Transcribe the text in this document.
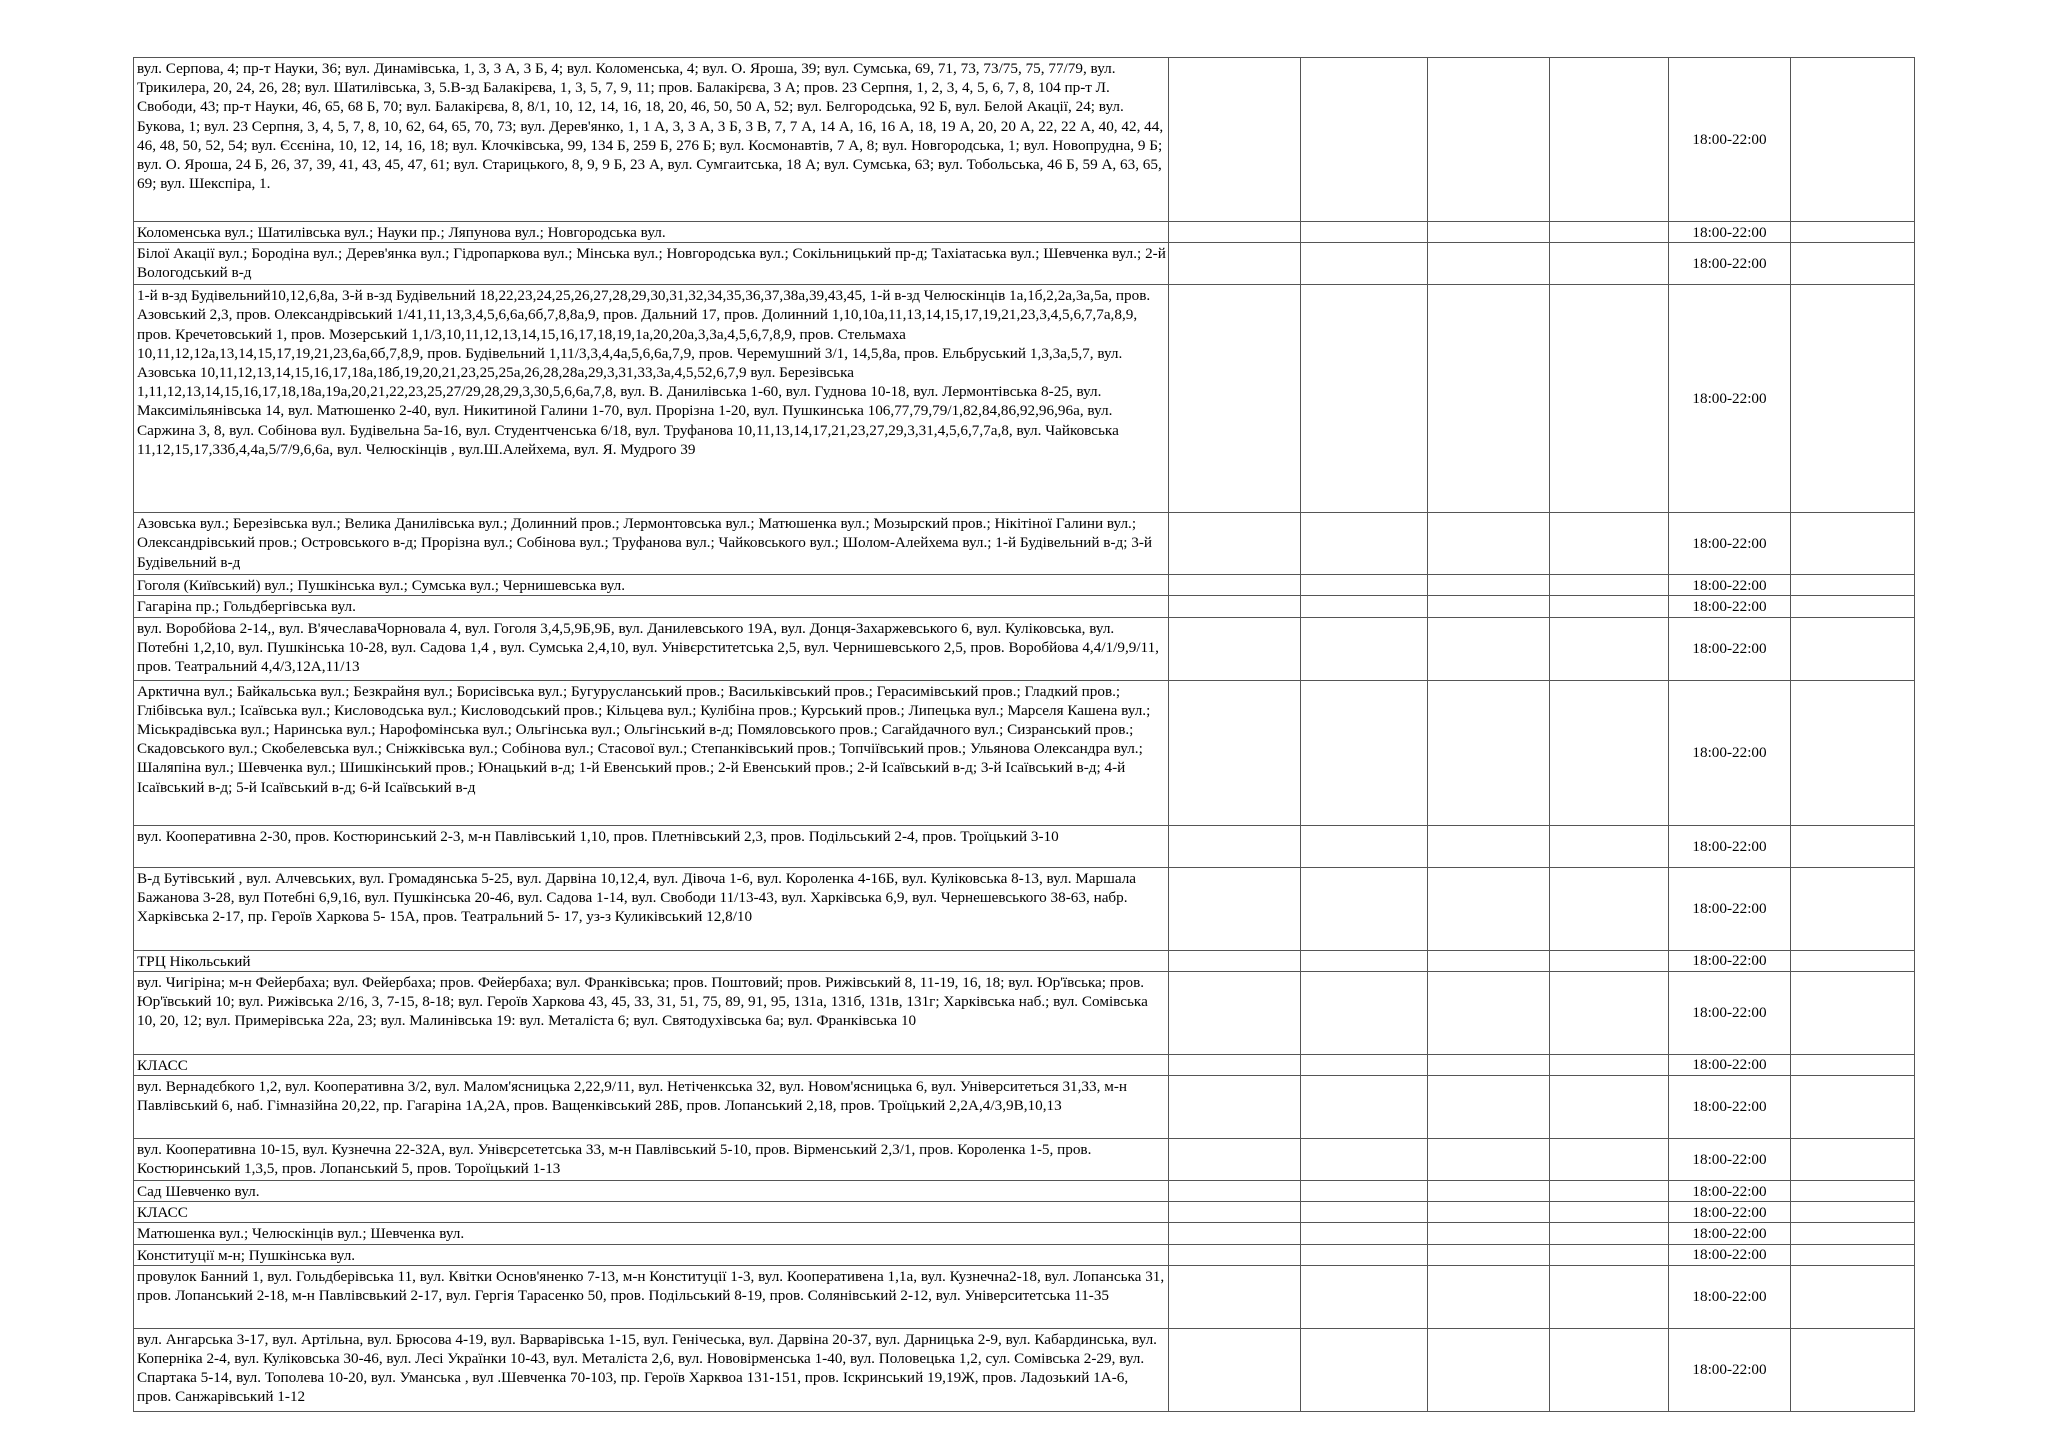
вул. Серпова, 4; пр-т Науки, 36; вул. Динамівська, 1, 3, 3 А, 3 Б, 4; вул. Коломенська, 4; вул. О. Яроша, 39; вул. Сумська, 69, 71, 73, 73/75, 75, 77/79, вул. Трикилера, 20, 24, 26, 28; вул. Шатилівська, 3, 5.В-зд Балакірєва, 1, 3, 5, 7, 9, 11; пров. Балакірєва, 3 А; пров. 23 Серпня, 1, 2, 3, 4, 5, 6, 7, 8, 104 пр-т Л. Свободи, 43; пр-т Науки, 46, 65, 68 Б, 70; вул. Балакірєва, 8, 8/1, 10, 12, 14, 16, 18, 20, 46, 50, 50 А, 52; вул. Белгородська, 92 Б, вул. Белой Акації, 24; вул. Букова, 1; вул. 23 Серпня, 3, 4, 5, 7, 8, 10, 62, 64, 65, 70, 73; вул. Дерев'янко, 1, 1 А, 3, 3 А, 3 Б, 3 В, 7, 7 А, 14 А, 16, 16 А, 18, 19 А, 20, 20 А, 22, 22 А, 40, 42, 44, 46, 48, 50, 52, 54; вул. Єсєніна, 10, 12, 14, 16, 18; вул. Клочківська, 99, 134 Б, 259 Б, 276 Б; вул. Космонавтів, 7 А, 8; вул. Новгородська, 1; вул. Новопрудна, 9 Б; вул. О. Яроша, 24 Б, 26, 37, 39, 41, 43, 45, 47, 61; вул. Старицького, 8, 9, 9 Б, 23 А, вул. Сумгаитська, 18 А; вул. Сумська, 63; вул. Тобольська, 46 Б, 59 А, 63, 65, 69; вул. Шекспіра, 1.					18:00-22:00	
Коломенська вул.; Шатилівська вул.; Науки пр.; Ляпунова вул.; Новгородська вул.					18:00-22:00	
Білої Акації вул.; Бородіна вул.; Дерев'янка вул.; Гідропаркова вул.; Мінська вул.; Новгородська вул.; Сокільницький пр-д; Тахіатаська вул.; Шевченка вул.; 2-й Вологодський в-д					18:00-22:00	
1-й в-зд Будівельний10,12,6,8а, 3-й в-зд Будівельний 18,22,23,24,25,26,27,28,29,30,31,32,34,35,36,37,38а,39,43,45, 1-й в-зд Челюскінців 1а,1б,2,2а,3а,5а, пров. Азовський 2,3, пров. Олександрівський 1/41,11,13,3,4,5,6,6а,6б,7,8,8а,9, пров. Дальний 17, пров. Долинний 1,10,10а,11,13,14,15,17,19,21,23,3,4,5,6,7,7а,8,9, пров. Кречетовський 1, пров. Мозерський 1,1/3,10,11,12,13,14,15,16,17,18,19,1а,20,20а,3,3а,4,5,6,7,8,9, пров. Стельмаха 10,11,12,12а,13,14,15,17,19,21,23,6а,6б,7,8,9, пров. Будівельний 1,11/3,3,4,4а,5,6,6а,7,9, пров. Черемушний 3/1, 14,5,8а, пров. Ельбруський 1,3,3а,5,7, вул. Азовська 10,11,12,13,14,15,16,17,18а,18б,19,20,21,23,25,25а,26,28,28а,29,3,31,33,3а,4,5,52,6,7,9 вул. Березівська 1,11,12,13,14,15,16,17,18,18а,19а,20,21,22,23,25,27/29,28,29,3,30,5,6,6а,7,8, вул. В. Данилівська 1-60, вул. Гуднова 10-18, вул. Лермонтівська 8-25, вул. Максимільянівська 14, вул. Матюшенко 2-40, вул. Никитиной Галини 1-70, вул. Прорізна 1-20, вул. Пушкинська 106,77,79,79/1,82,84,86,92,96,96а, вул. Саржина 3, 8, вул. Собінова вул. Будівельна 5а-16, вул. Студентченська 6/18, вул. Труфанова 10,11,13,14,17,21,23,27,29,3,31,4,5,6,7,7а,8, вул. Чайковська 11,12,15,17,33б,4,4а,5/7/9,6,6а, вул. Челюскінців , вул.Ш.Алейхема, вул. Я. Мудрого 39					18:00-22:00	
Азовська вул.; Березівська вул.; Велика Данилівська вул.; Долинний пров.; Лермонтовська вул.; Матюшенка вул.; Мозырский пров.; Нікітіної Галини вул.; Олександрівський пров.; Островського в-д; Прорізна вул.; Собінова вул.; Труфанова вул.; Чайковського вул.; Шолом-Алейхема вул.; 1-й Будівельний в-д; 3-й Будівельний в-д					18:00-22:00	
Гоголя (Київський) вул.; Пушкінська вул.; Сумська вул.; Чернишевська вул.					18:00-22:00	
Гагаріна пр.; Гольдбергівська вул.					18:00-22:00	
вул. Воробйова 2-14,, вул. В'ячеславаЧорновала 4, вул. Гоголя 3,4,5,9Б,9Б, вул. Данилевського 19А, вул. Донця-Захаржевського 6, вул. Куліковська, вул. Потебні 1,2,10, вул. Пушкінська 10-28, вул. Садова 1,4 , вул. Сумська 2,4,10, вул. Унівєрститетська 2,5, вул. Чернишевського 2,5, пров. Воробйова 4,4/1/9,9/11, пров. Театральний 4,4/3,12А,11/13					18:00-22:00	
Арктична вул.; Байкальська вул.; Безкрайня вул.; Борисівська вул.; Бугурусланський пров.; Васильківський пров.; Герасимівський пров.; Гладкий пров.; Глібівська вул.; Ісаївська вул.; Кисловодська вул.; Кисловодський пров.; Кільцева вул.; Кулібіна пров.; Курський пров.; Липецька вул.; Марселя Кашена вул.; Міськрадівська вул.; Наринська вул.; Нарофомінська вул.; Ольгінська вул.; Ольгінський в-д; Помяловського пров.; Сагайдачного вул.; Сизранський пров.; Скадовського вул.; Скобелевська вул.; Сніжківська вул.; Собінова вул.; Стасової вул.; Степанківський пров.; Топчіївський пров.; Ульянова Олександра вул.; Шаляпіна вул.; Шевченка вул.; Шишкінський пров.; Юнацький в-д; 1-й Евенський пров.; 2-й Евенський пров.; 2-й Ісаївський в-д; 3-й Ісаївський в-д; 4-й Ісаївський в-д; 5-й Ісаївський в-д; 6-й Ісаївський в-д					18:00-22:00	
вул. Кооперативна 2-30, пров. Костюринський 2-3, м-н Павлівський 1,10, пров. Плетнівський 2,3, пров. Подільський 2-4, пров. Троїцький 3-10					18:00-22:00	
В-д Бутівський , вул. Алчевських, вул. Громадянська 5-25, вул. Дарвіна 10,12,4, вул. Дівоча 1-6, вул. Короленка 4-16Б, вул. Куліковська 8-13, вул. Маршала Бажанова 3-28, вул Потебні 6,9,16, вул. Пушкінська 20-46, вул. Садова 1-14, вул. Свободи 11/13-43, вул. Харківська 6,9, вул. Чернешевського 38-63, набр. Харківська 2-17, пр. Героїв Харкова 5- 15А, пров. Театральний 5- 17, уз-з Куликівський 12,8/10					18:00-22:00	
ТРЦ Нікольський					18:00-22:00	
вул. Чигіріна; м-н Фейербаха; вул. Фейербаха; пров. Фейербаха; вул. Франківська; пров. Поштовий; пров. Рижівський 8, 11-19, 16, 18; вул. Юр'ївська; пров. Юр'ївський 10; вул. Рижівська 2/16, 3, 7-15, 8-18; вул. Героїв Харкова 43, 45, 33, 31, 51, 75, 89, 91, 95, 131а, 131б, 131в, 131г; Харківська наб.; вул. Сомівська 10, 20, 12; вул. Примерівська 22а, 23; вул. Малинівська 19: вул. Металіста 6; вул. Святодухівська 6а; вул. Франківська 10					18:00-22:00	
КЛАСС					18:00-22:00	
вул. Вернадєбкого 1,2, вул. Кооперативна 3/2, вул. Малом'ясницька 2,22,9/11, вул. Нетіченкська 32, вул. Новом'ясницька 6, вул. Університеться 31,33, м-н Павлівський 6, наб. Гімназійна 20,22, пр. Гагаріна 1А,2А, пров. Ващенківський 28Б, пров. Лопанський 2,18, пров. Троїцький 2,2А,4/3,9В,10,13					18:00-22:00	
вул. Кооперативна 10-15, вул. Кузнечна 22-32А, вул. Унівєрсететська 33, м-н Павлівський 5-10, пров. Вірменський 2,3/1, пров. Короленка 1-5, пров. Костюринський 1,3,5, пров. Лопанський 5, пров. Тороїцький 1-13					18:00-22:00	
Сад Шевченко вул.					18:00-22:00	
КЛАСС					18:00-22:00	
Матюшенка вул.; Челюскінців вул.; Шевченка вул.					18:00-22:00	
Конституції м-н; Пушкінська вул.					18:00-22:00	
провулок Банний 1, вул. Гольдберівська 11, вул. Квітки Основ'яненко 7-13, м-н Конституції 1-3, вул. Кооперативена 1,1а, вул. Кузнечна2-18, вул. Лопанська 31, пров. Лопанський 2-18, м-н Павлівсвький 2-17, вул. Гергія Тарасенко 50, пров. Подільський 8-19, пров. Солянівський 2-12, вул. Університетська 11-35					18:00-22:00	
вул. Ангарська 3-17, вул. Артільна, вул. Брюсова 4-19, вул. Варварівська 1-15, вул. Генічеська, вул. Дарвіна 20-37, вул. Дарницька 2-9, вул. Кабардинська, вул. Коперніка 2-4, вул. Куліковська 30-46, вул. Лесі Українки 10-43, вул. Металіста 2,6, вул. Нововірменська 1-40, вул. Половецька 1,2, сул. Сомівська 2-29, вул. Спартака 5-14, вул. Тополева 10-20, вул. Уманська , вул .Шевченка 70-103, пр. Героїв Харквоа 131-151, пров. Іскринський 19,19Ж, пров. Ладозький 1А-6, пров. Санжарівський 1-12					18:00-22:00	
